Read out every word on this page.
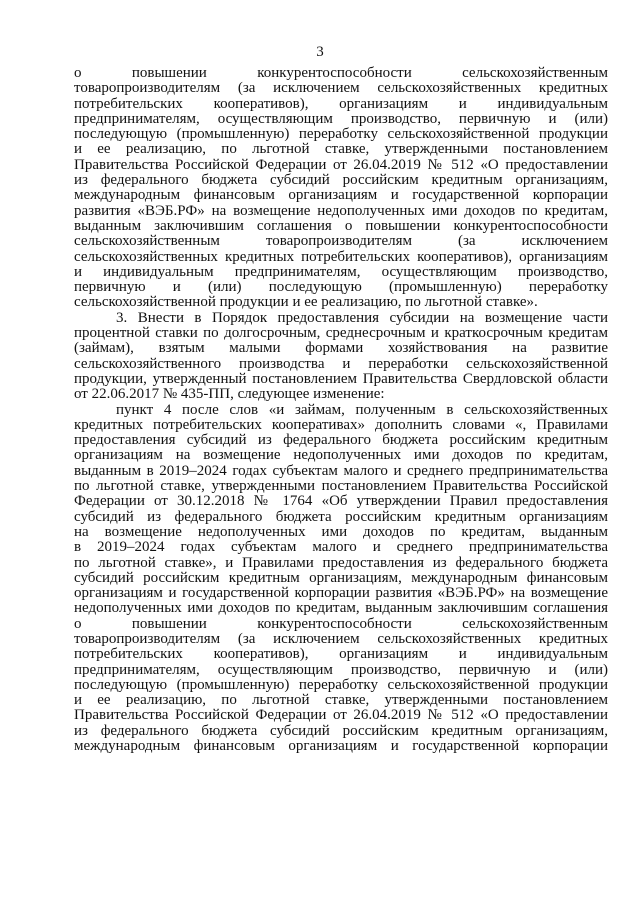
3
о повышении конкурентоспособности сельскохозяйственным
товаропроизводителям (за исключением сельскохозяйственных кредитных
потребительских кооперативов), организациям и индивидуальным
предпринимателям, осуществляющим производство, первичную и (или)
последующую (промышленную) переработку сельскохозяйственной продукции
и ее реализацию, по льготной ставке, утвержденными постановлением
Правительства Российской Федерации от 26.04.2019 № 512 «О предоставлении
из федерального бюджета субсидий российским кредитным организациям,
международным финансовым организациям и государственной корпорации
развития «ВЭБ.РФ» на возмещение недополученных ими доходов по кредитам,
выданным заключившим соглашения о повышении конкурентоспособности
сельскохозяйственным товаропроизводителям (за исключением
сельскохозяйственных кредитных потребительских кооперативов), организациям
и индивидуальным предпринимателям, осуществляющим производство,
первичную и (или) последующую (промышленную) переработку
сельскохозяйственной продукции и ее реализацию, по льготной ставке».
3. Внести в Порядок предоставления субсидии на возмещение части
процентной ставки по долгосрочным, среднесрочным и краткосрочным кредитам
(займам), взятым малыми формами хозяйствования на развитие
сельскохозяйственного производства и переработки сельскохозяйственной
продукции, утвержденный постановлением Правительства Свердловской области
от 22.06.2017 № 435-ПП, следующее изменение:
пункт 4 после слов «и займам, полученным в сельскохозяйственных
кредитных потребительских кооперативах» дополнить словами «, Правилами
предоставления субсидий из федерального бюджета российским кредитным
организациям на возмещение недополученных ими доходов по кредитам,
выданным в 2019–2024 годах субъектам малого и среднего предпринимательства
по льготной ставке, утвержденными постановлением Правительства Российской
Федерации от 30.12.2018 № 1764 «Об утверждении Правил предоставления
субсидий из федерального бюджета российским кредитным организациям
на возмещение недополученных ими доходов по кредитам, выданным
в 2019–2024 годах субъектам малого и среднего предпринимательства
по льготной ставке», и Правилами предоставления из федерального бюджета
субсидий российским кредитным организациям, международным финансовым
организациям и государственной корпорации развития «ВЭБ.РФ» на возмещение
недополученных ими доходов по кредитам, выданным заключившим соглашения
о повышении конкурентоспособности сельскохозяйственным
товаропроизводителям (за исключением сельскохозяйственных кредитных
потребительских кооперативов), организациям и индивидуальным
предпринимателям, осуществляющим производство, первичную и (или)
последующую (промышленную) переработку сельскохозяйственной продукции
и ее реализацию, по льготной ставке, утвержденными постановлением
Правительства Российской Федерации от 26.04.2019 № 512 «О предоставлении
из федерального бюджета субсидий российским кредитным организациям,
международным финансовым организациям и государственной корпорации
